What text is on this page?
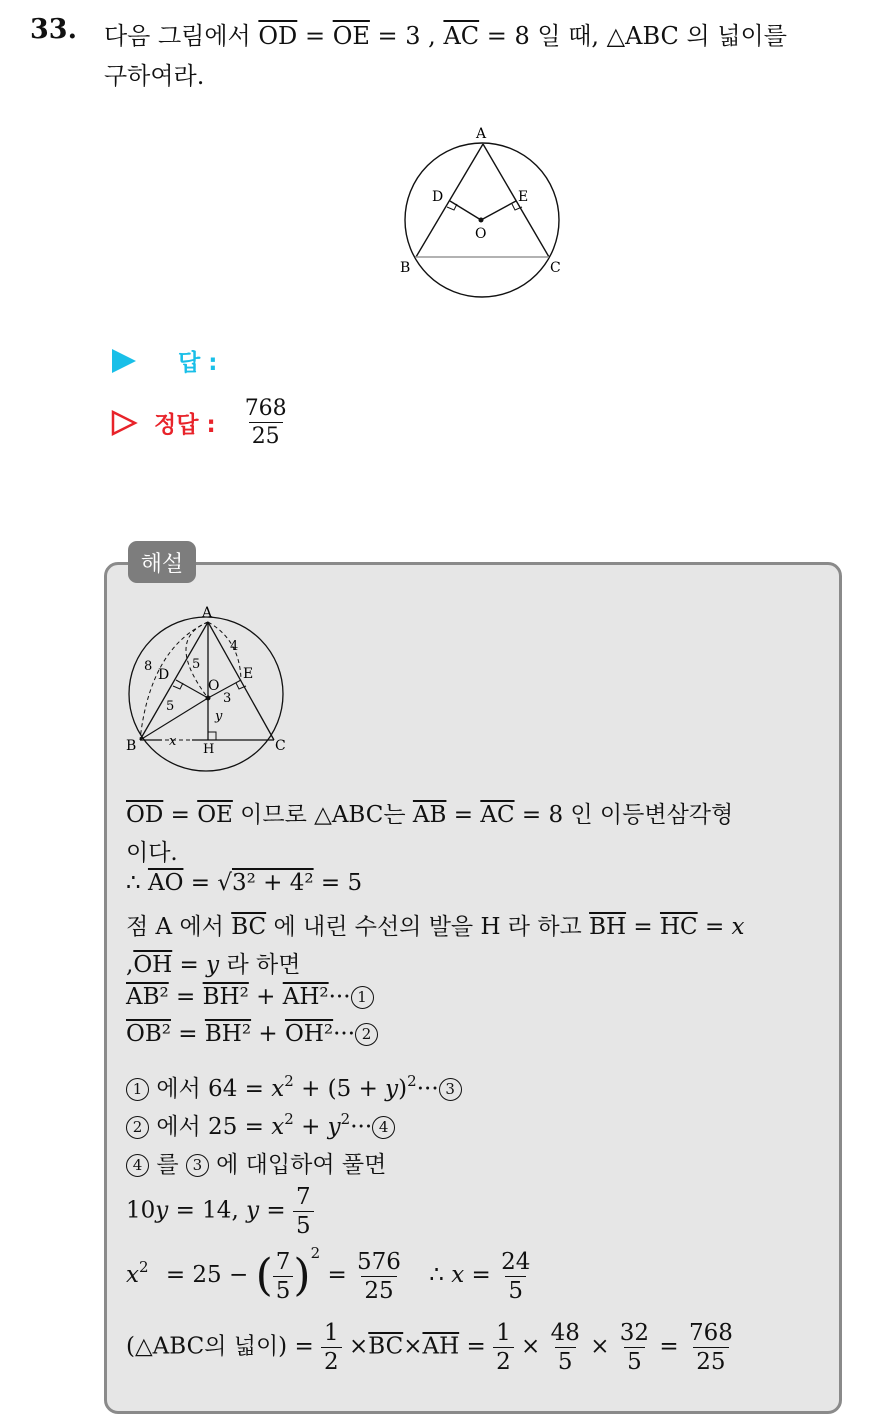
33. 다음 그림에서 $\overline{OD} = \overline{OE} = 3$ , $\overline{AC} = 8$ 일 때, △ABC 의 넓이를
구하여라.
A
B	C
D	E
O
답 :
정답 : $\frac{768}{25}$
해설
A
B	C
H
D	E
O
8
4
5
5
3
y
x
$\overline{OD} = \overline{OE}$ 이므로 △ABC는 $\overline{AB} = \overline{AC} = 8$ 인 이등변삼각형
이다.
∴ $\overline{AO} = √3^2 + 4^2 = 5$
점 A 에서 $\overline{BC}$ 에 내린 수선의 발을 H 라 하고 $\overline{BH} = \overline{HC} = x$
$,\overline{OH} = y$ 라 하면
AB² = BH² + AH²··· 1
OB² = BH² + OH²··· 2
1 에서 $64 = x^2 + (5 + y)^2\cdot\cdot\cdot 3$
2 에서 $25 = x^2 + y^2\cdot\cdot\cdot 4$
4 를 3 에 대입하여 풀면
10y = 14, $y = \frac{7}{5}$
$x^2 = 25$ − ( $\frac{7}{5} )^2 = \frac{576}{25}$ ∴ $x = \frac{24}{5}$
(△ABC의 넓이) = $\frac{1}{2} \times\overline{BC}\times\overline{AH} = \frac{1}{2} \times \frac{48}{5} \times \frac{32}{5} = \frac{768}{25}$
